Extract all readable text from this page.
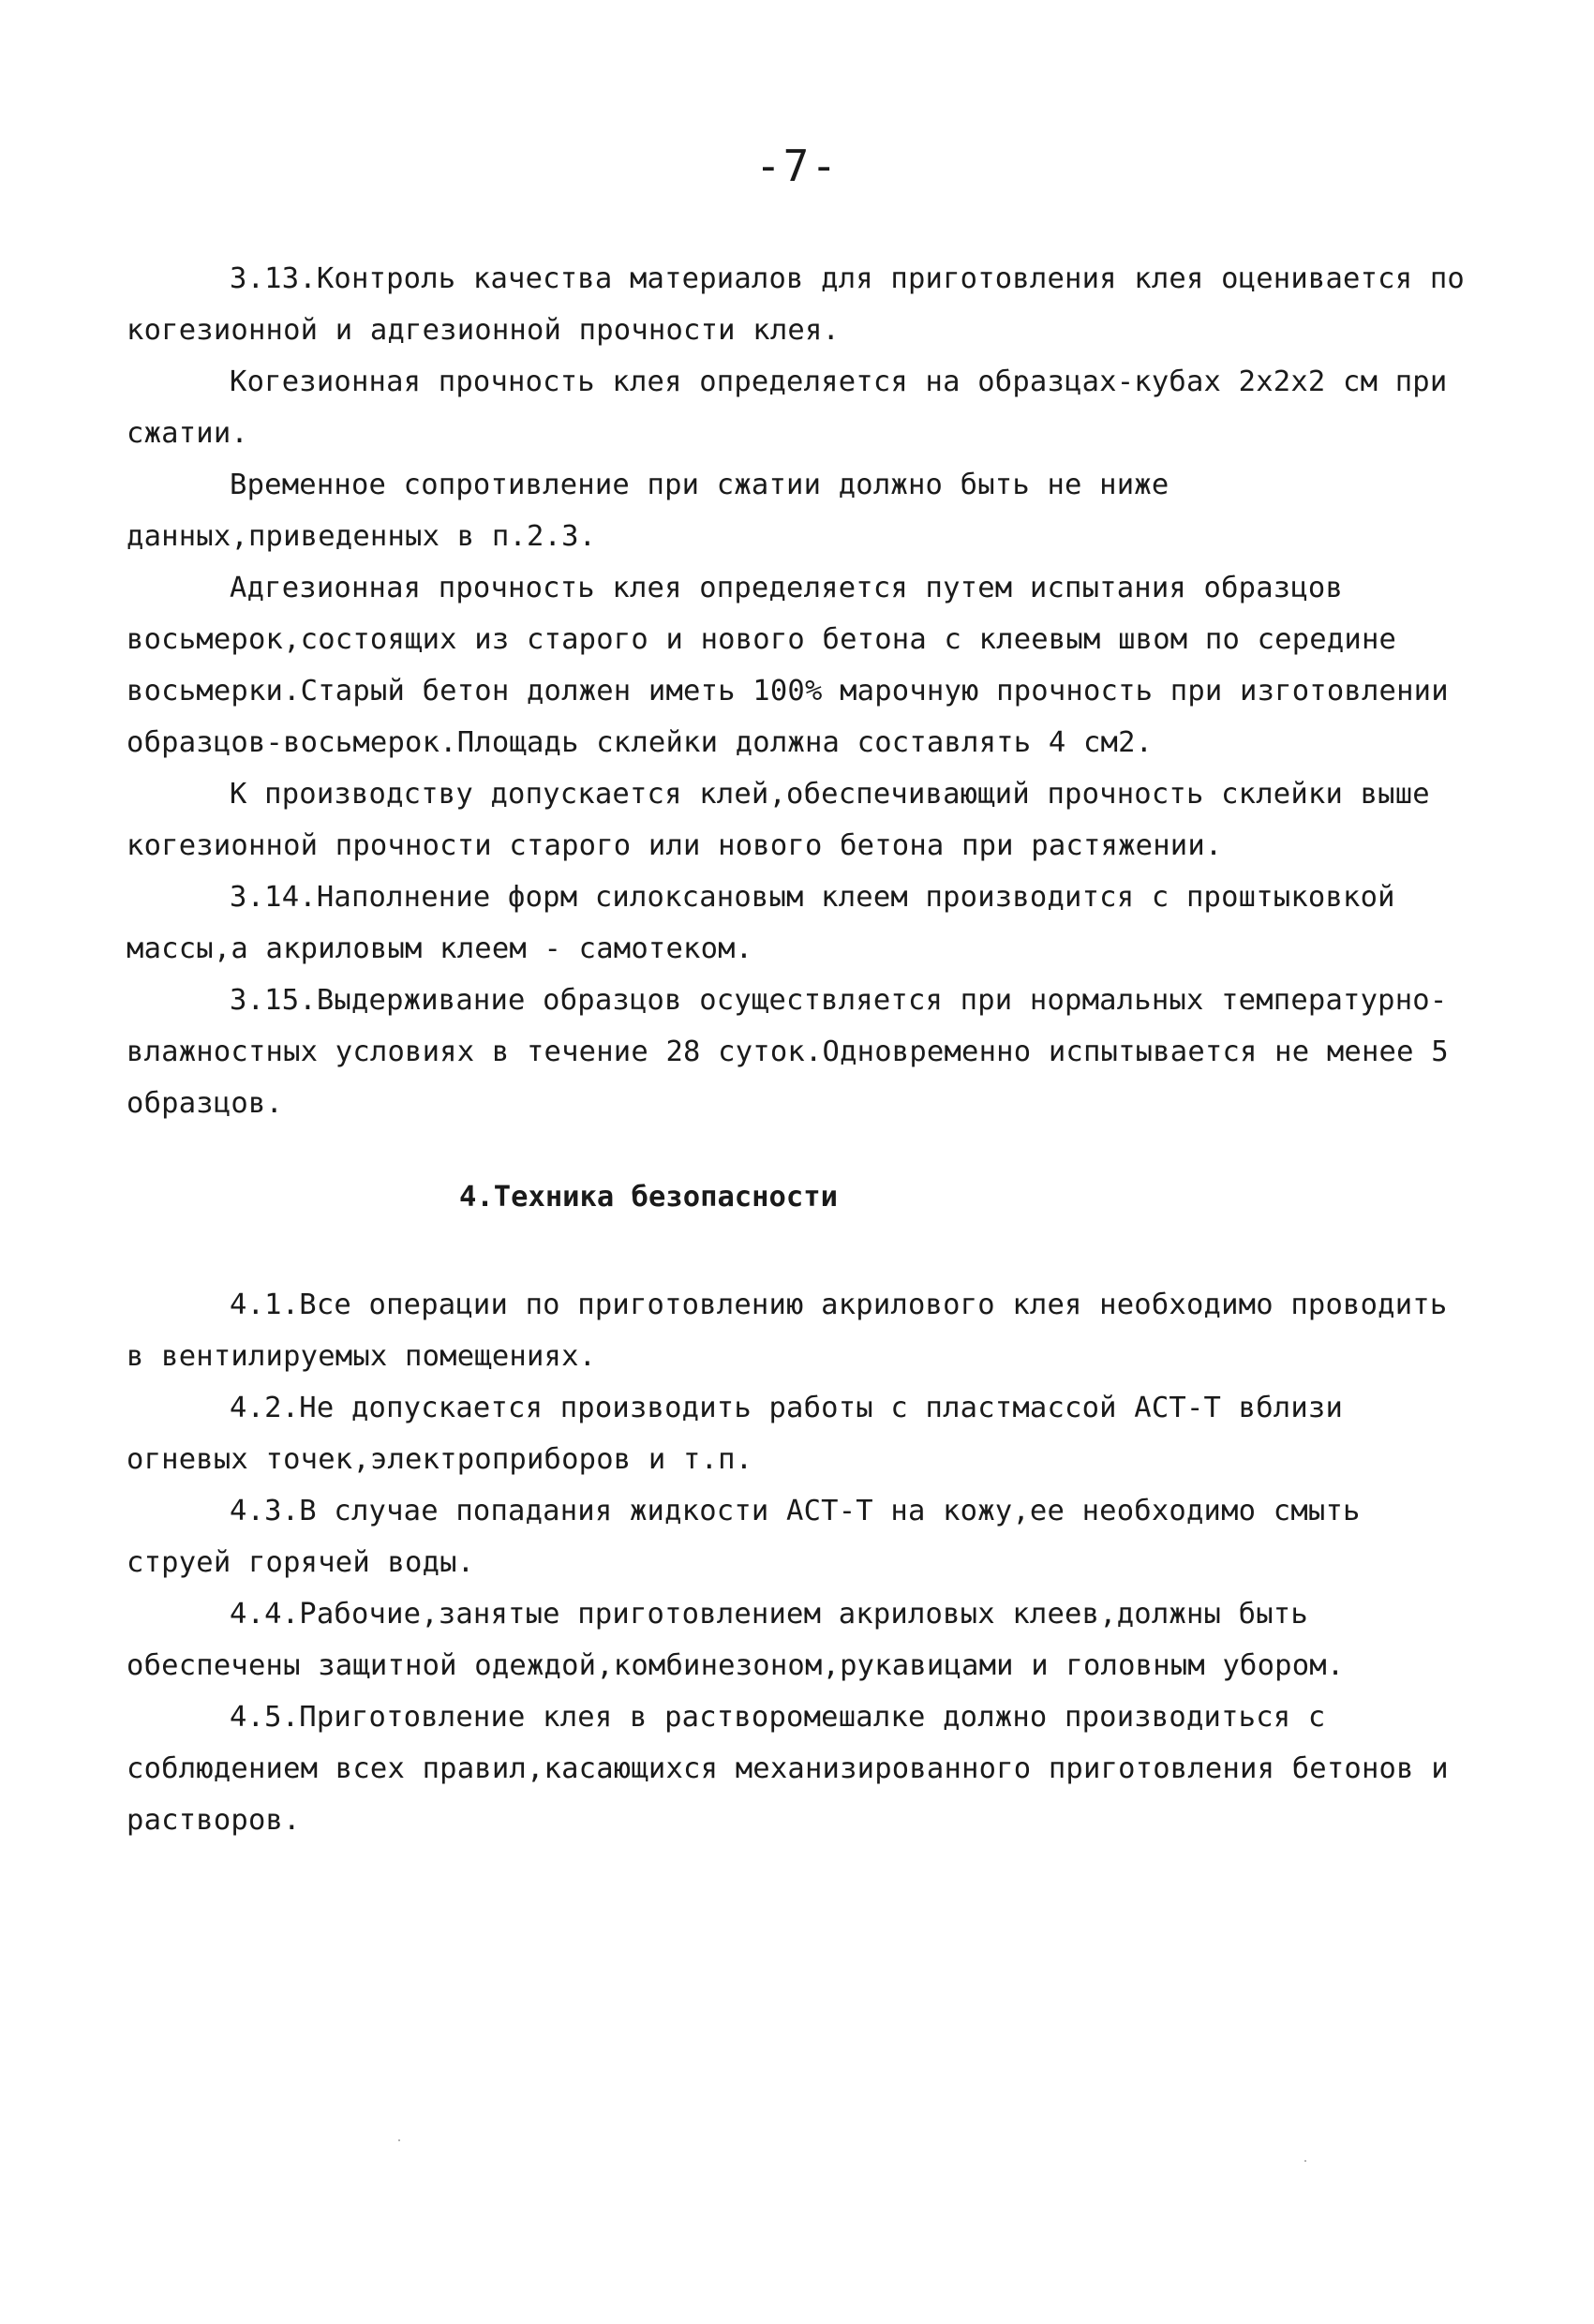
-7-

3.13.Контроль качества материалов для приготовления клея оценивается по когезионной и адгезионной прочности клея.

Когезионная прочность клея определяется на образцах-кубах 2x2x2 см при сжатии.

Временное сопротивление при сжатии должно быть не ниже данных,приведенных в п.2.3.

Адгезионная прочность клея определяется путем испытания образцов восьмерок,состоящих из старого и нового бетона с клеевым швом по середине восьмерки.Старый бетон должен иметь 100% марочную прочность при изготовлении образцов-восьмерок.Площадь склейки должна составлять 4 см2.

К производству допускается клей,обеспечивающий прочность склейки выше когезионной прочности старого или нового бетона при растяжении.

3.14.Наполнение форм силоксановым клеем производится с проштыковкой массы,а акриловым клеем - самотеком.

3.15.Выдерживание образцов осуществляется при нормальных температурно-влажностных условиях в течение 28 суток.Одновременно испытывается не менее 5 образцов.

4.Техника безопасности

4.1.Все операции по приготовлению акрилового клея необходимо проводить в вентилируемых помещениях.

4.2.Не допускается производить работы с пластмассой АСТ-Т вблизи огневых точек,электроприборов и т.п.

4.3.В случае попадания жидкости АСТ-Т на кожу,ее необходимо смыть струей горячей воды.

4.4.Рабочие,занятые приготовлением акриловых клеев,должны быть обеспечены защитной одеждой,комбинезоном,рукавицами и головным убором.

4.5.Приготовление клея в растворомешалке должно производиться с соблюдением всех правил,касающихся механизированного приготовления бетонов и растворов.
